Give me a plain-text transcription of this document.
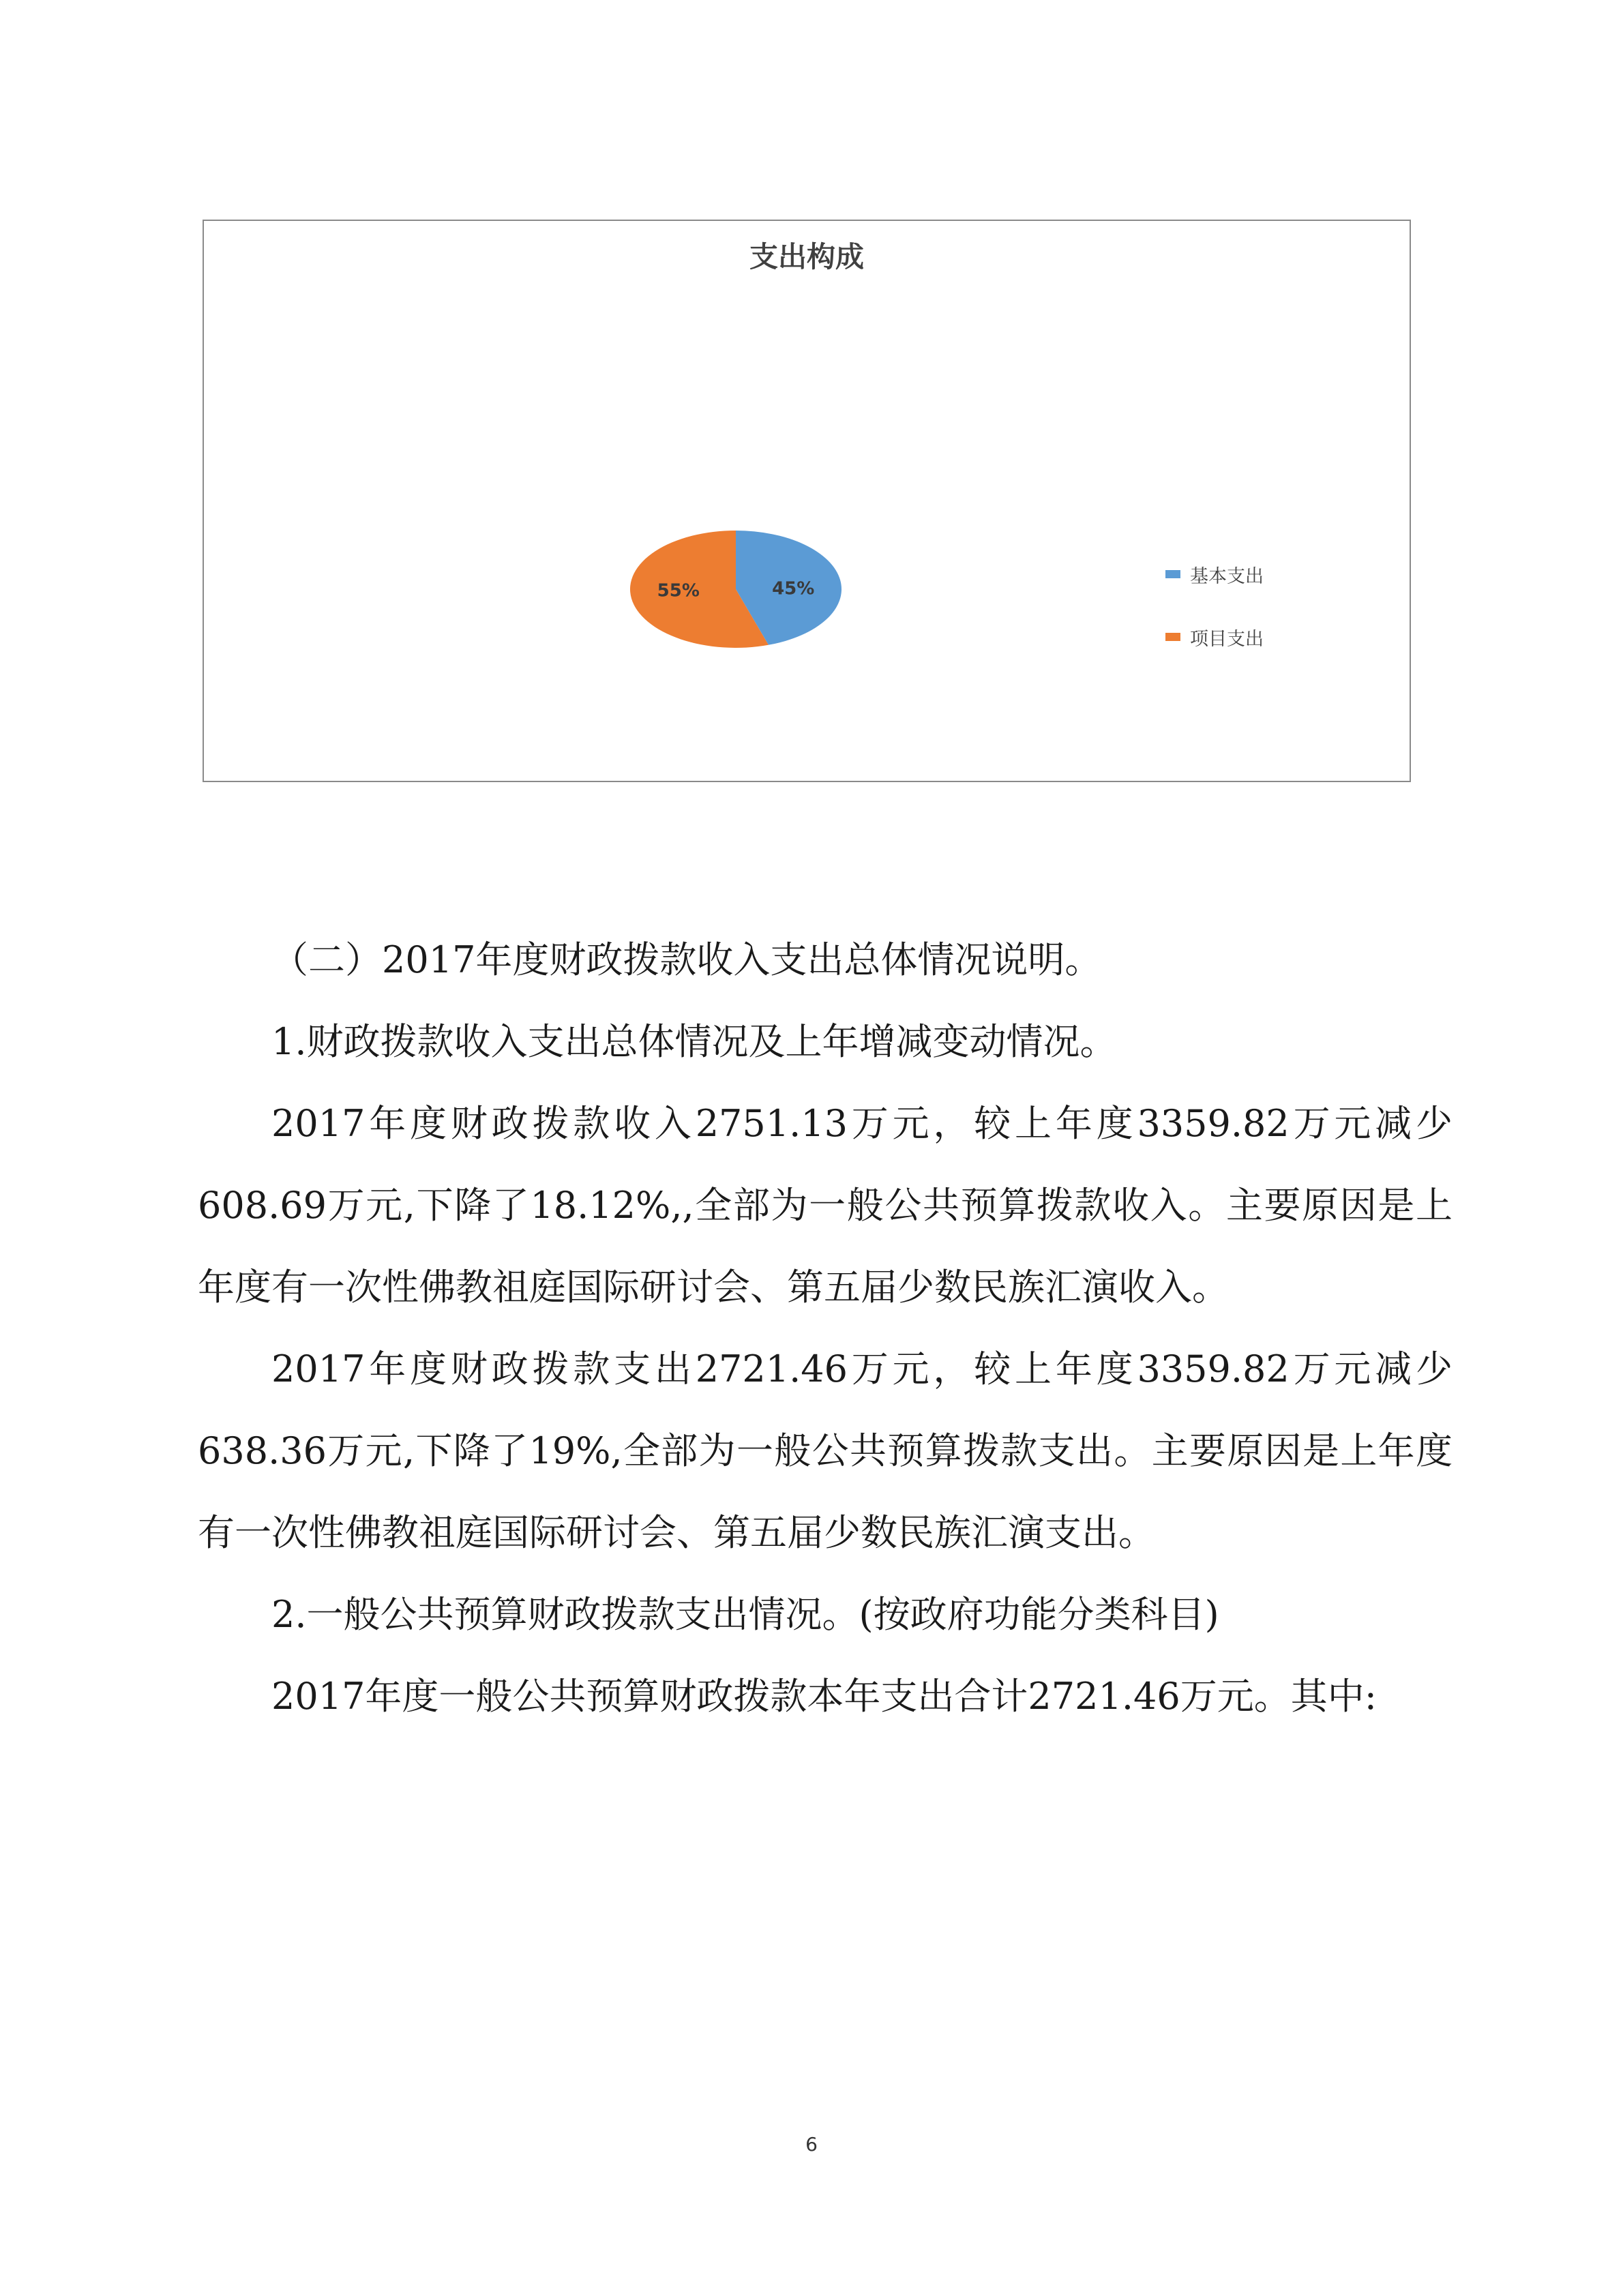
支出构成
45%
55%
基本支出
项目支出

（二）2017年度财政拨款收入支出总体情况说明。

1.财政拨款收入支出总体情况及上年增减变动情况。

2017年度财政拨款收入2751.13万元，较上年度3359.82万元减少608.69万元,下降了18.12%,,全部为一般公共预算拨款收入。主要原因是上年度有一次性佛教祖庭国际研讨会、第五届少数民族汇演收入。

2017年度财政拨款支出2721.46万元，较上年度3359.82万元减少638.36万元,下降了19%,全部为一般公共预算拨款支出。主要原因是上年度有一次性佛教祖庭国际研讨会、第五届少数民族汇演支出。

2.一般公共预算财政拨款支出情况。(按政府功能分类科目)

2017年度一般公共预算财政拨款本年支出合计2721.46万元。其中:

6
